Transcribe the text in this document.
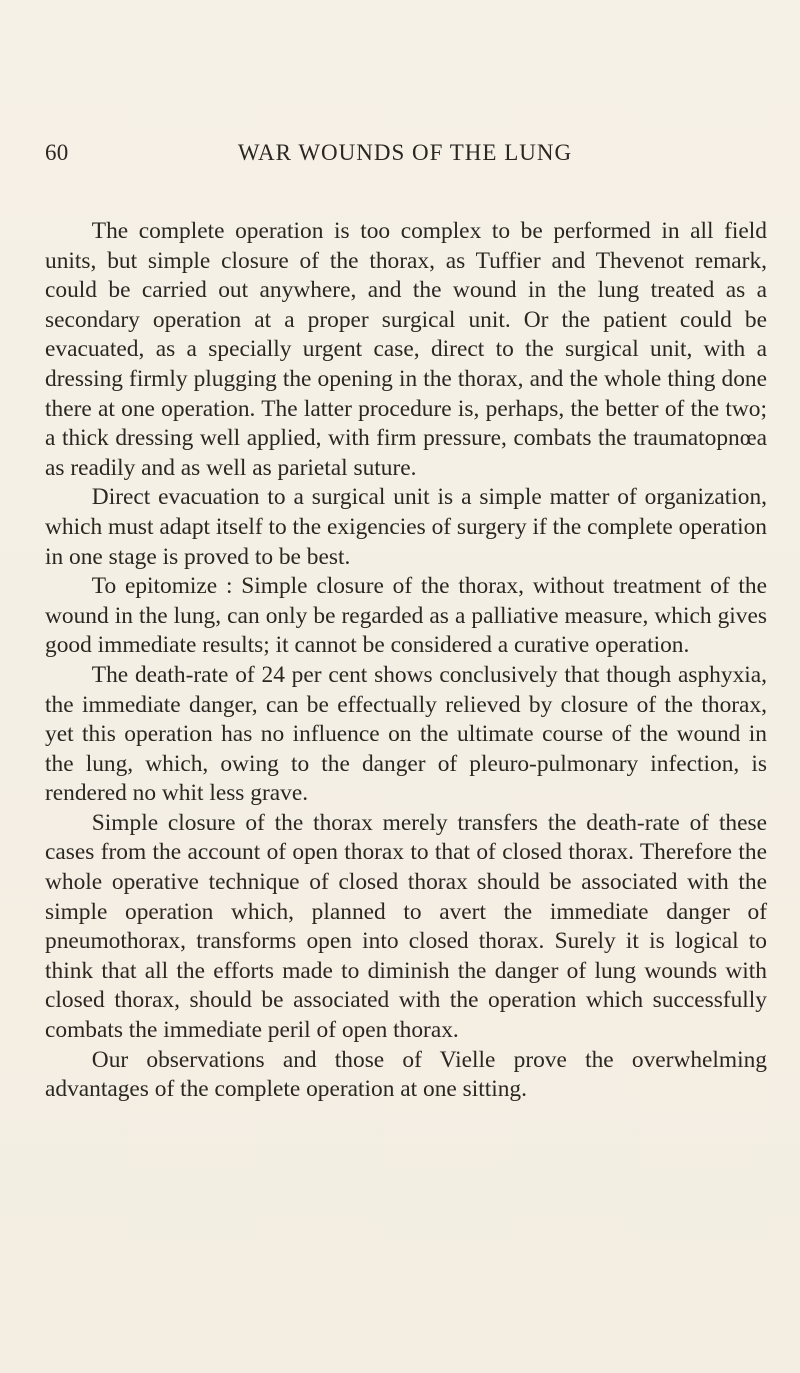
60	WAR WOUNDS OF THE LUNG

The complete operation is too complex to be performed in all field units, but simple closure of the thorax, as Tuffier and Thevenot remark, could be carried out anywhere, and the wound in the lung treated as a secondary operation at a proper surgical unit. Or the patient could be evacuated, as a specially urgent case, direct to the surgical unit, with a dressing firmly plugging the opening in the thorax, and the whole thing done there at one operation. The latter procedure is, perhaps, the better of the two; a thick dressing well applied, with firm pressure, combats the traumatopnœa as readily and as well as parietal suture.

Direct evacuation to a surgical unit is a simple matter of organization, which must adapt itself to the exigencies of surgery if the complete operation in one stage is proved to be best.

To epitomize : Simple closure of the thorax, without treatment of the wound in the lung, can only be regarded as a palliative measure, which gives good immediate results; it cannot be considered a curative operation.

The death-rate of 24 per cent shows conclusively that though asphyxia, the immediate danger, can be effectually relieved by closure of the thorax, yet this operation has no influence on the ultimate course of the wound in the lung, which, owing to the danger of pleuro-pulmonary infection, is rendered no whit less grave.

Simple closure of the thorax merely transfers the death-rate of these cases from the account of open thorax to that of closed thorax. Therefore the whole operative technique of closed thorax should be associated with the simple operation which, planned to avert the immediate danger of pneumothorax, transforms open into closed thorax. Surely it is logical to think that all the efforts made to diminish the danger of lung wounds with closed thorax, should be associated with the operation which successfully combats the immediate peril of open thorax.

Our observations and those of Vielle prove the overwhelming advantages of the complete operation at one sitting.
